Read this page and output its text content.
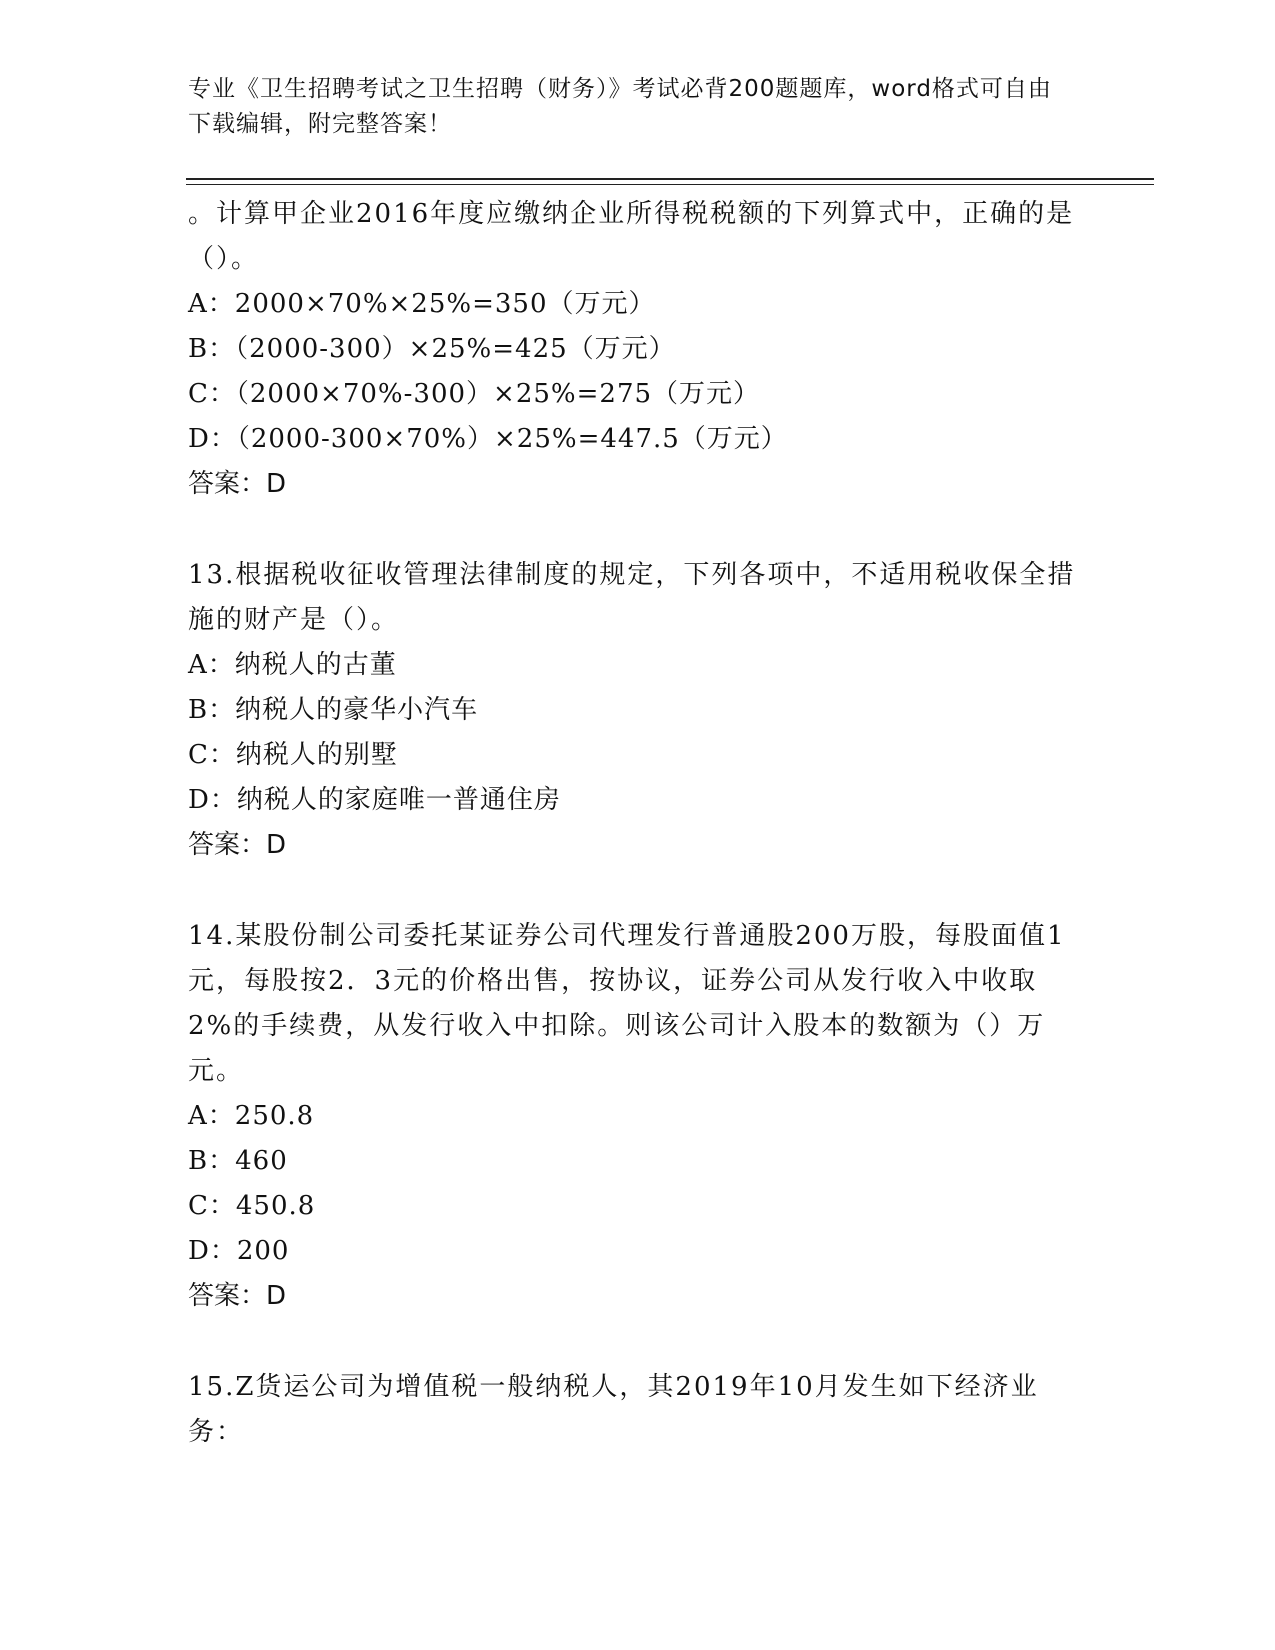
专业《卫生招聘考试之卫生招聘（财务）》考试必背200题题库，word格式可自由下载编辑，附完整答案！

。计算甲企业2016年度应缴纳企业所得税税额的下列算式中，正确的是（）。

A：2000×70%×25%=350（万元）

B：（2000-300）×25%=425（万元）

C：（2000×70%-300）×25%=275（万元）

D：（2000-300×70%）×25%=447.5（万元）

答案：D

13.根据税收征收管理法律制度的规定，下列各项中，不适用税收保全措施的财产是（）。

A：纳税人的古董

B：纳税人的豪华小汽车

C：纳税人的别墅

D：纳税人的家庭唯一普通住房

答案：D

14.某股份制公司委托某证券公司代理发行普通股200万股，每股面值1元，每股按2．3元的价格出售，按协议，证券公司从发行收入中收取2%的手续费，从发行收入中扣除。则该公司计入股本的数额为（）万元。

A：250.8

B：460

C：450.8

D：200

答案：D

15.Z货运公司为增值税一般纳税人，其2019年10月发生如下经济业务：
